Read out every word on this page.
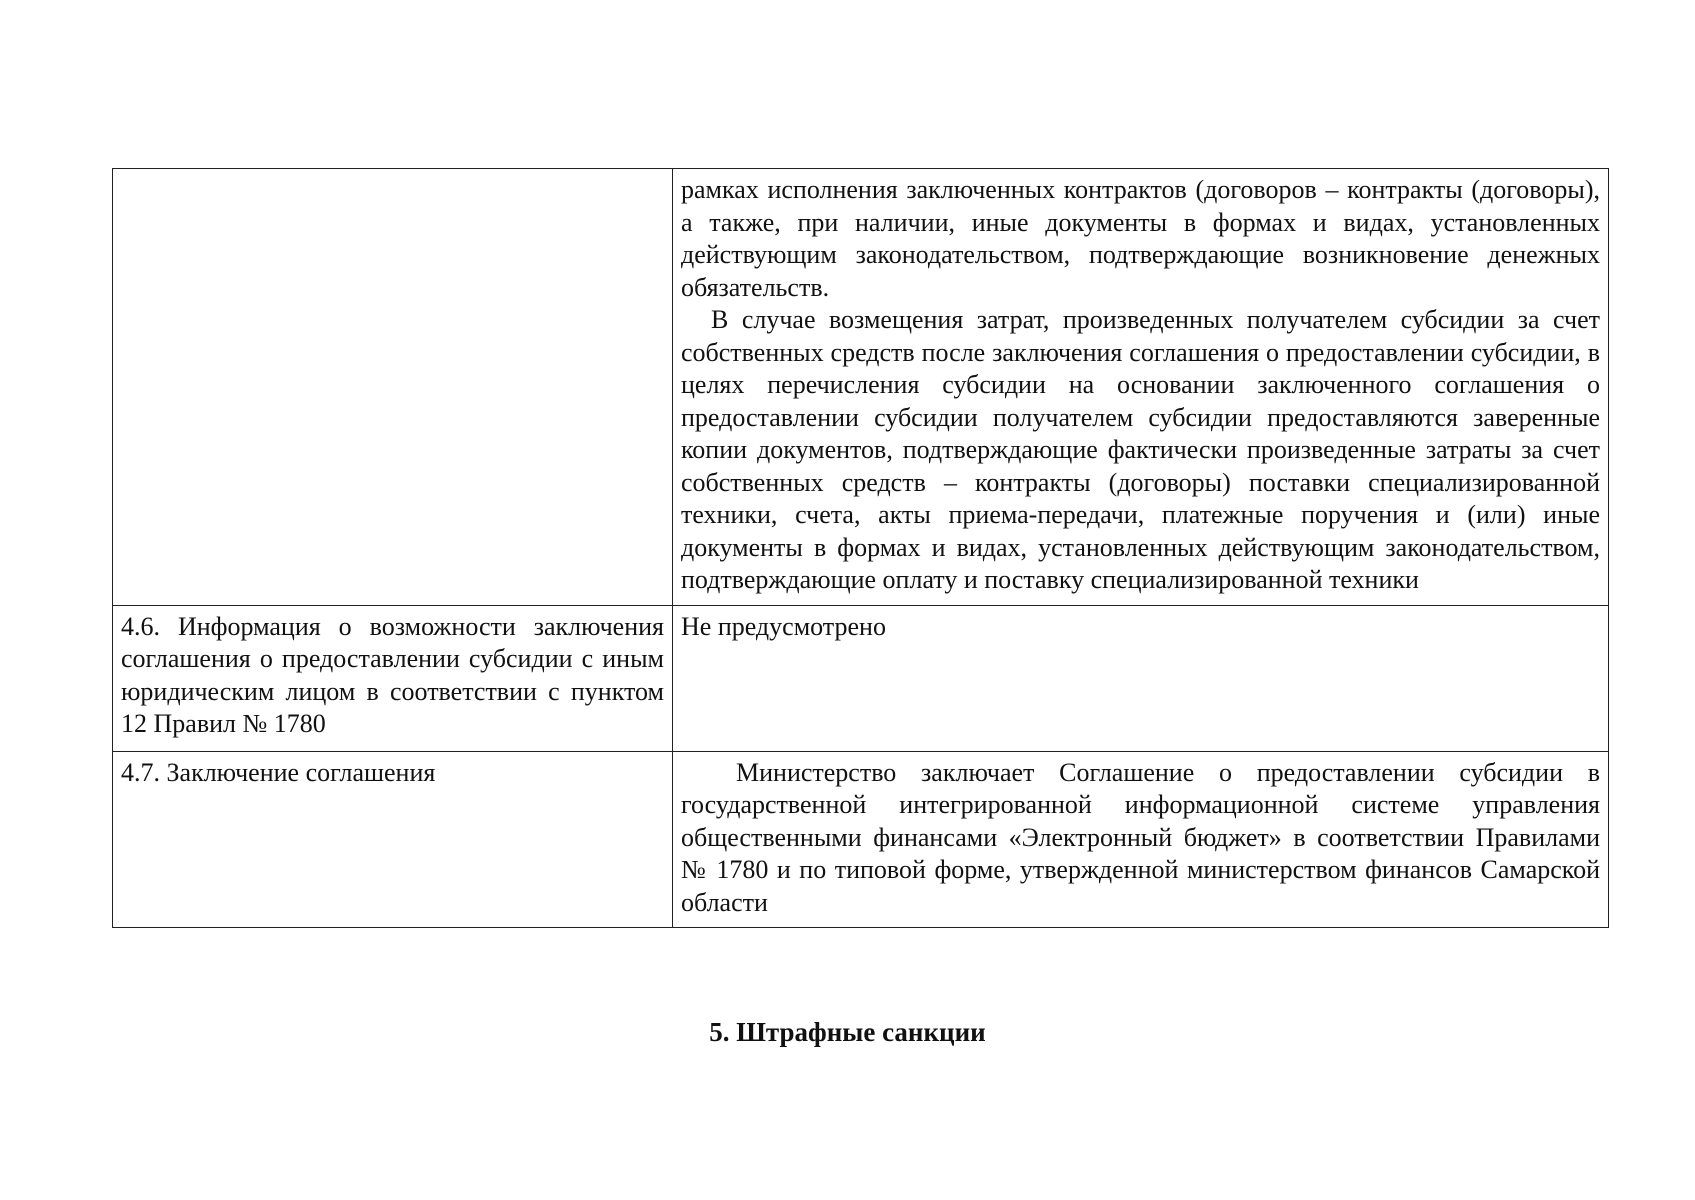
	рамках исполнения заключенных контрактов (договоров – контракты (договоры), а также, при наличии, иные документы в формах и видах, установленных действующим законодательством, подтверждающие возникновение денежных обязательств.

В случае возмещения затрат, произведенных получателем субсидии за счет собственных средств после заключения соглашения о предоставлении субсидии, в целях перечисления субсидии на основании заключенного соглашения о предоставлении субсидии получателем субсидии предоставляются заверенные копии документов, подтверждающие фактически произведенные затраты за счет собственных средств – контракты (договоры) поставки специализированной техники, счета, акты приема-передачи, платежные поручения и (или) иные документы в формах и видах, установленных действующим законодательством, подтверждающие оплату и поставку специализированной техники

4.6. Информация о возможности заключения соглашения о предоставлении субсидии с иным юридическим лицом в соответствии с пунктом 12 Правил № 1780	Не предусмотрено

4.7. Заключение соглашения	Министерство заключает Соглашение о предоставлении субсидии в государственной интегрированной информационной системе управления общественными финансами «Электронный бюджет» в соответствии Правилами № 1780 и по типовой форме, утвержденной министерством финансов Самарской области

5. Штрафные санкции
